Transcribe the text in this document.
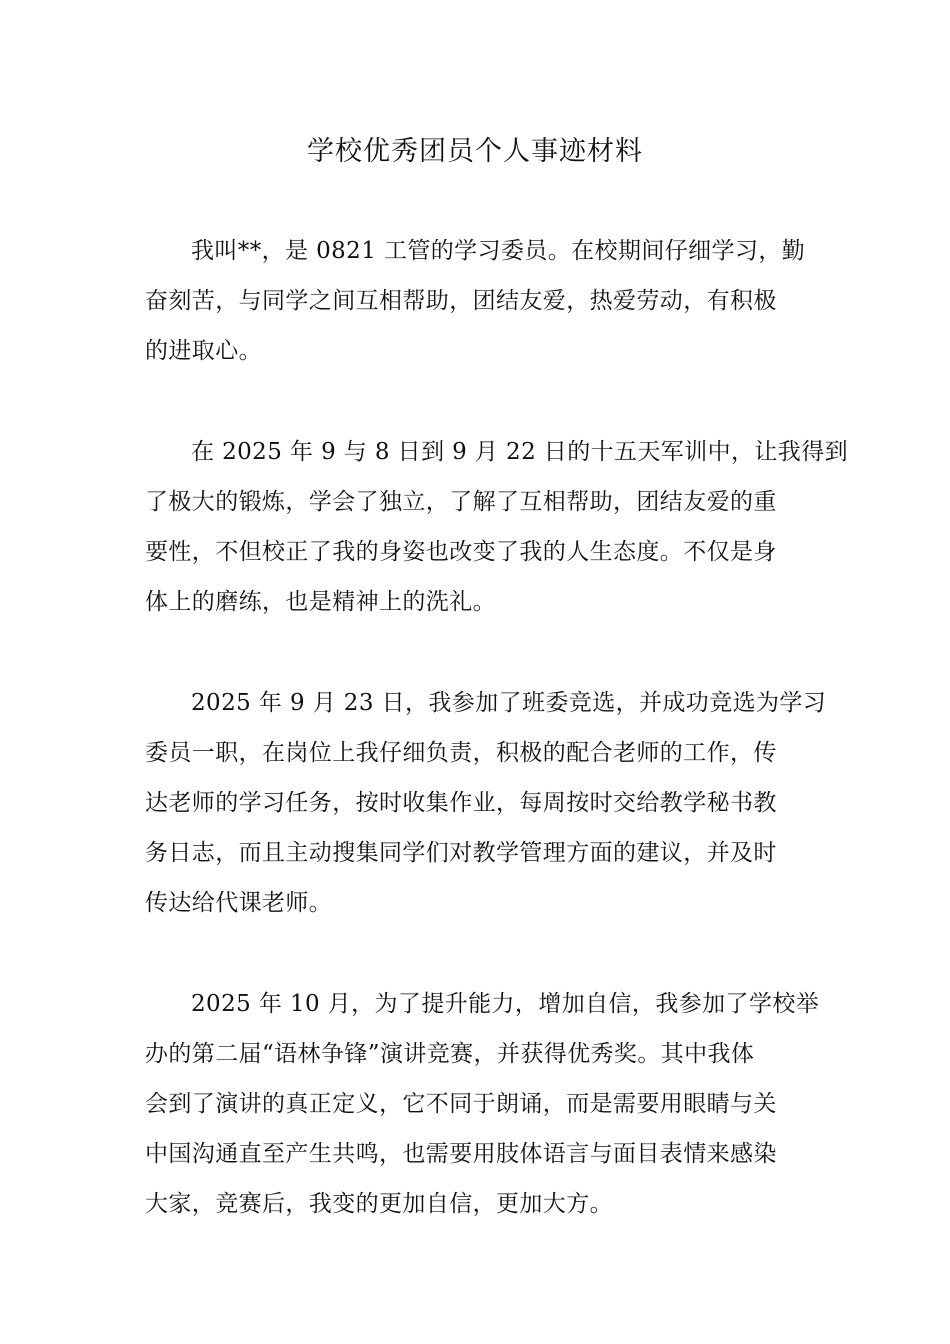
学校优秀团员个人事迹材料

我叫**，是 0821 工管的学习委员。在校期间仔细学习，勤
奋刻苦，与同学之间互相帮助，团结友爱，热爱劳动，有积极
的进取心。

在 2025 年 9 与 8 日到 9 月 22 日的十五天军训中，让我得到
了极大的锻炼，学会了独立，了解了互相帮助，团结友爱的重
要性，不但校正了我的身姿也改变了我的人生态度。不仅是身
体上的磨练，也是精神上的洗礼。

2025 年 9 月 23 日，我参加了班委竞选，并成功竞选为学习
委员一职，在岗位上我仔细负责，积极的配合老师的工作，传
达老师的学习任务，按时收集作业，每周按时交给教学秘书教
务日志，而且主动搜集同学们对教学管理方面的建议，并及时
传达给代课老师。

2025 年 10 月，为了提升能力，增加自信，我参加了学校举
办的第二届“语林争锋”演讲竞赛，并获得优秀奖。其中我体
会到了演讲的真正定义，它不同于朗诵，而是需要用眼睛与关
中国沟通直至产生共鸣，也需要用肢体语言与面目表情来感染
大家，竞赛后，我变的更加自信，更加大方。
